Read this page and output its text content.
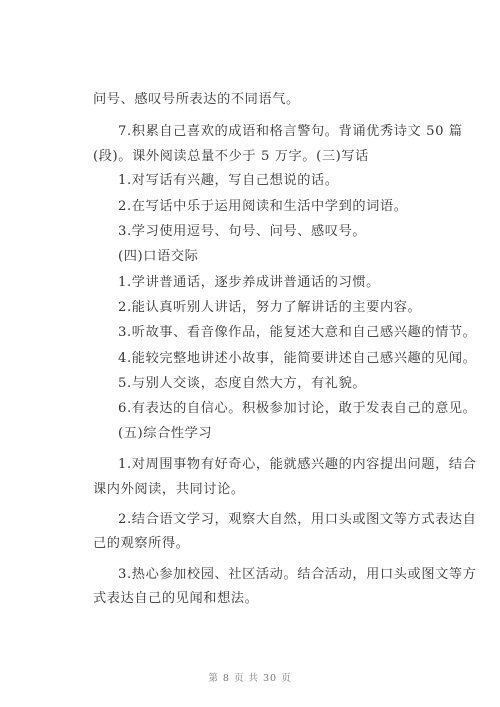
问号、感叹号所表达的不同语气。
7.积累自己喜欢的成语和格言警句。背诵优秀诗文 50 篇
(段)。课外阅读总量不少于 5 万字。(三)写话
1.对写话有兴趣，写自己想说的话。
2.在写话中乐于运用阅读和生活中学到的词语。
3.学习使用逗号、句号、问号、感叹号。
(四)口语交际
1.学讲普通话，逐步养成讲普通话的习惯。
2.能认真听别人讲话，努力了解讲话的主要内容。
3.听故事、看音像作品，能复述大意和自己感兴趣的情节。
4.能较完整地讲述小故事，能简要讲述自己感兴趣的见闻。
5.与别人交谈，态度自然大方，有礼貌。
6.有表达的自信心。积极参加讨论，敢于发表自己的意见。
(五)综合性学习
1.对周围事物有好奇心，能就感兴趣的内容提出问题，结合
课内外阅读，共同讨论。
2.结合语文学习，观察大自然，用口头或图文等方式表达自
己的观察所得。
3.热心参加校园、社区活动。结合活动，用口头或图文等方
式表达自己的见闻和想法。
第 8 页 共 30 页
